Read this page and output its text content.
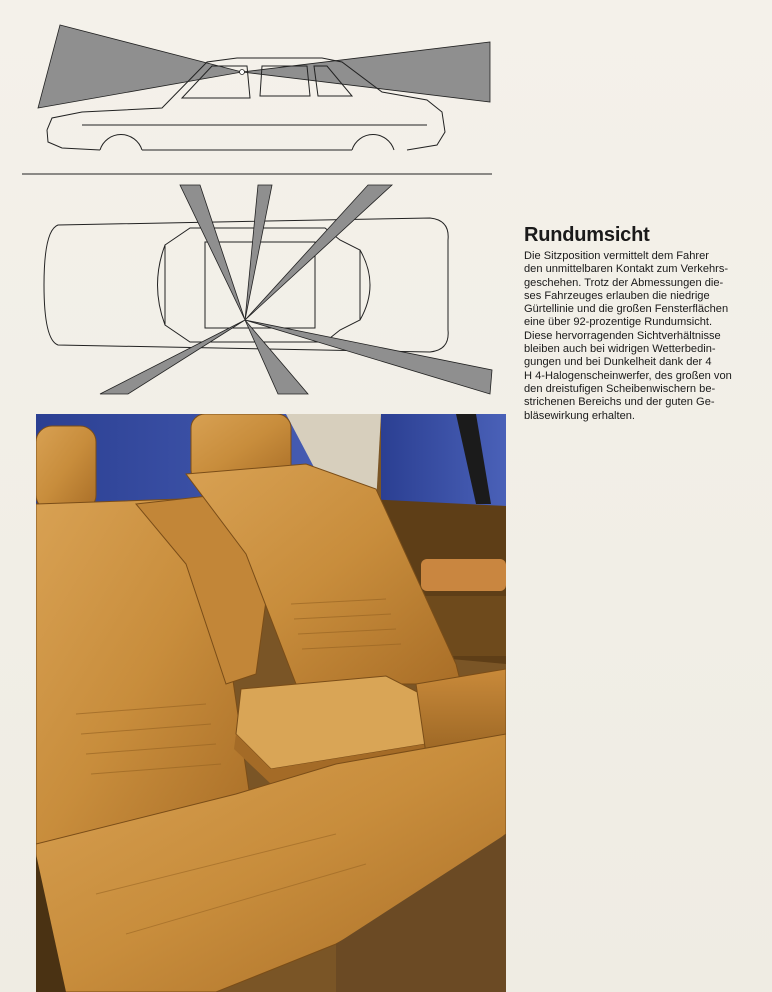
Rundumsicht
Die Sitzposition vermittelt dem Fahrer
den unmittelbaren Kontakt zum Verkehrs-
geschehen. Trotz der Abmessungen die-
ses Fahrzeuges erlauben die niedrige
Gürtellinie und die großen Fensterflächen
eine über 92-prozentige Rundumsicht.
Diese hervorragenden Sichtverhältnisse
bleiben auch bei widrigen Wetterbedin-
gungen und bei Dunkelheit dank der 4
H 4-Halogenscheinwerfer, des großen von
den dreistufigen Scheibenwischern be-
strichenen Bereichs und der guten Ge-
bläsewirkung erhalten.
